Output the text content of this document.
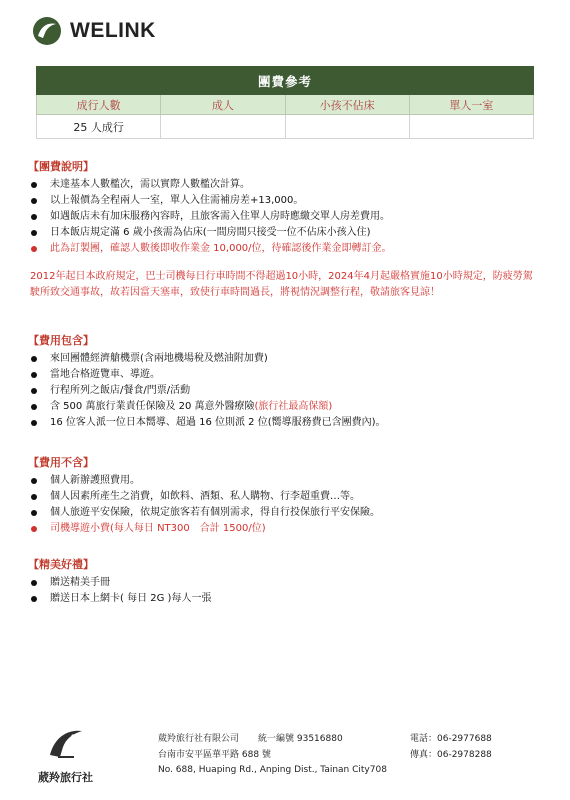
WELINK
團費參考			
成行人數	成人	小孩不佔床	單人一室
25 人成行			
【團費說明】
未達基本人數檻次，需以實際人數檻次計算。
以上報價為全程兩人一室，單人入住需補房差+13,000。
如遇飯店未有加床服務內容時，且旅客需入住單人房時應繳交單人房差費用。
日本飯店規定滿 6 歲小孩需為佔床(一間房間只接受一位不佔床小孩入住)
此為訂製團，確認人數後即收作業金 10,000/位，待確認後作業金即轉訂金。
2012年起日本政府規定，巴士司機每日行車時間不得超過10小時，2024年4月起嚴格實施10小時規定，防疲勞駕駛所致交通事故，故若因當天塞車，致使行車時間過長，將視情況調整行程，敬請旅客見諒！
【費用包含】
來回團體經濟艙機票(含兩地機場稅及燃油附加費)
當地合格遊覽車、導遊。
行程所列之飯店/餐食/門票/活動
含 500 萬旅行業責任保險及 20 萬意外醫療險(旅行社最高保額)
16 位客人派一位日本嚮導、超過 16 位則派 2 位(嚮導服務費已含團費內)。
【費用不含】
個人新辦護照費用。
個人因素所產生之消費，如飲料、酒類、私人購物、行李超重費…等。
個人旅遊平安保險，依規定旅客若有個別需求，得自行投保旅行平安保險。
司機導遊小費(每人每日 NT300　合計 1500/位)
【精美好禮】
贈送精美手冊
贈送日本上網卡( 每日 2G )每人一張
葳羚旅行社
葳羚旅行社有限公司 統一編號 93516880
台南市安平區華平路 688 號
No. 688, Huaping Rd., Anping Dist., Tainan City708
電話：06-2977688
傳真：06-2978288
